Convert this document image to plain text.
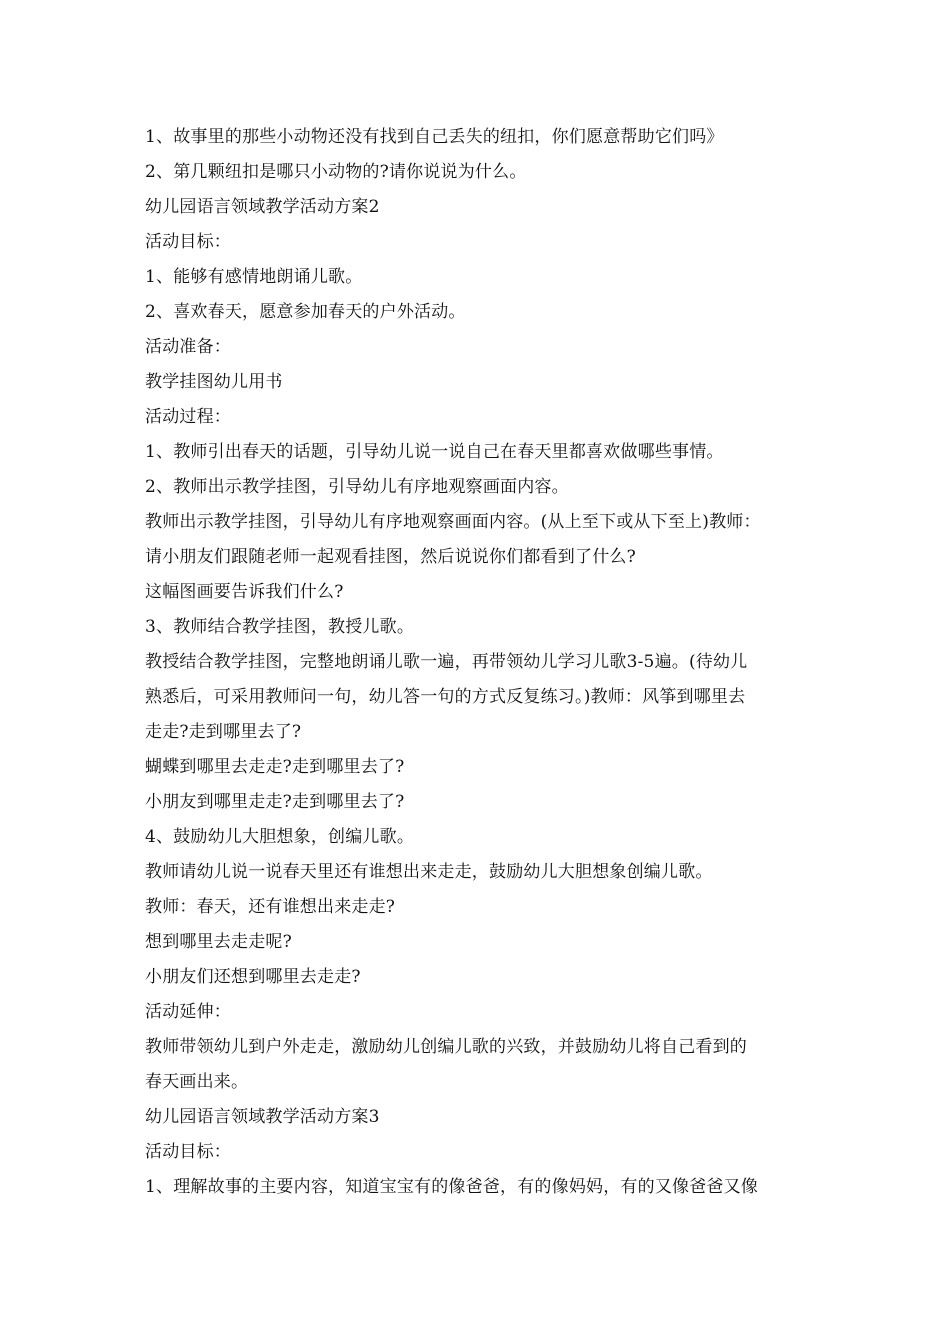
1、故事里的那些小动物还没有找到自己丢失的纽扣，你们愿意帮助它们吗》
2、第几颗纽扣是哪只小动物的?请你说说为什么。
幼儿园语言领域教学活动方案2
活动目标：
1、能够有感情地朗诵儿歌。
2、喜欢春天，愿意参加春天的户外活动。
活动准备：
教学挂图幼儿用书
活动过程：
1、教师引出春天的话题，引导幼儿说一说自己在春天里都喜欢做哪些事情。
2、教师出示教学挂图，引导幼儿有序地观察画面内容。
教师出示教学挂图，引导幼儿有序地观察画面内容。(从上至下或从下至上)教师：
请小朋友们跟随老师一起观看挂图，然后说说你们都看到了什么?
这幅图画要告诉我们什么?
3、教师结合教学挂图，教授儿歌。
教授结合教学挂图，完整地朗诵儿歌一遍，再带领幼儿学习儿歌3-5遍。(待幼儿
熟悉后，可采用教师问一句，幼儿答一句的方式反复练习。)教师：风筝到哪里去
走走?走到哪里去了?
蝴蝶到哪里去走走?走到哪里去了?
小朋友到哪里走走?走到哪里去了?
4、鼓励幼儿大胆想象，创编儿歌。
教师请幼儿说一说春天里还有谁想出来走走，鼓励幼儿大胆想象创编儿歌。
教师：春天，还有谁想出来走走?
想到哪里去走走呢?
小朋友们还想到哪里去走走?
活动延伸：
教师带领幼儿到户外走走，激励幼儿创编儿歌的兴致，并鼓励幼儿将自己看到的
春天画出来。
幼儿园语言领域教学活动方案3
活动目标：
1、理解故事的主要内容，知道宝宝有的像爸爸，有的像妈妈，有的又像爸爸又像
